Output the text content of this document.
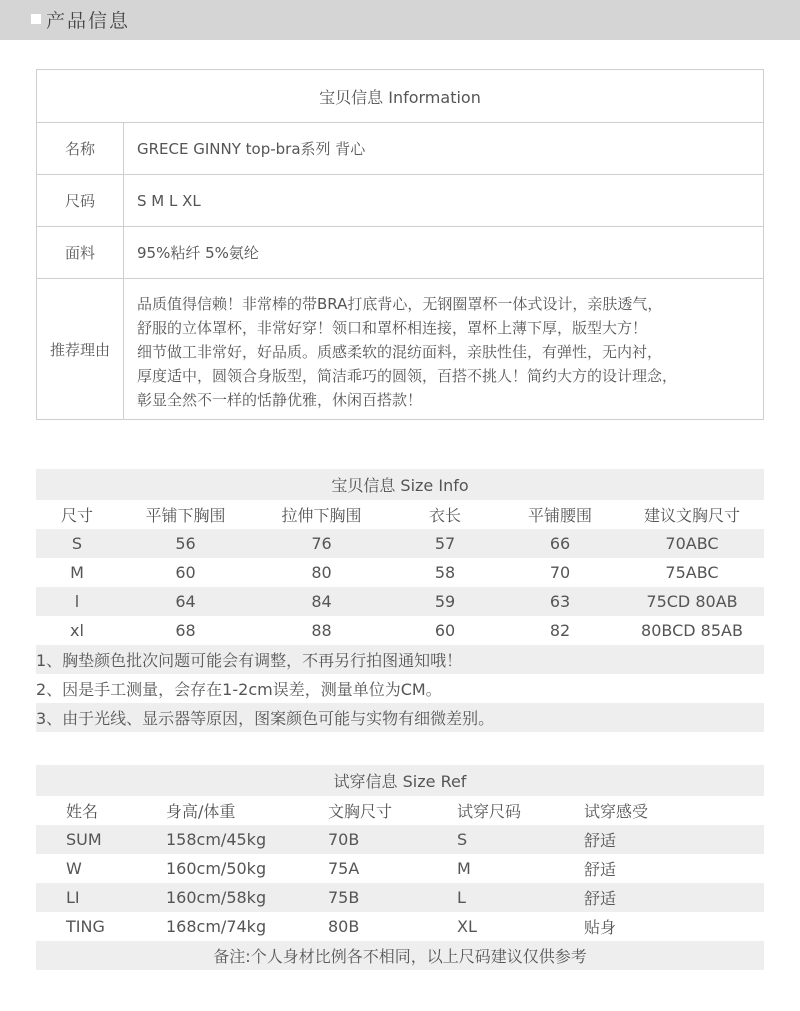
产品信息
宝贝信息 Information	
名称	GRECE GINNY top-bra系列 背心
尺码	S M L XL
面料	95%粘纤 5%氨纶
推荐理由	品质值得信赖！非常棒的带BRA打底背心，无钢圈罩杯一体式设计，亲肤透气，
舒服的立体罩杯，非常好穿！领口和罩杯相连接，罩杯上薄下厚，版型大方！
细节做工非常好，好品质。质感柔软的混纺面料，亲肤性佳，有弹性，无内衬，
厚度适中，圆领合身版型，简洁乖巧的圆领，百搭不挑人！简约大方的设计理念，
彰显全然不一样的恬静优雅，休闲百搭款！
宝贝信息 Size Info					
尺寸	平铺下胸围	拉伸下胸围	衣长	平铺腰围	建议文胸尺寸
S	56	76	57	66	70ABC
M	60	80	58	70	75ABC
l	64	84	59	63	75CD 80AB
xl	68	88	60	82	80BCD 85AB
1、胸垫颜色批次问题可能会有调整，不再另行拍图通知哦！					
2、因是手工测量，会存在1-2cm误差，测量单位为CM。					
3、由于光线、显示器等原因，图案颜色可能与实物有细微差别。					
试穿信息 Size Ref				
姓名	身高/体重	文胸尺寸	试穿尺码	试穿感受
SUM	158cm/45kg	70B	S	舒适
W	160cm/50kg	75A	M	舒适
LI	160cm/58kg	75B	L	舒适
TING	168cm/74kg	80B	XL	贴身
备注:个人身材比例各不相同，以上尺码建议仅供参考				
